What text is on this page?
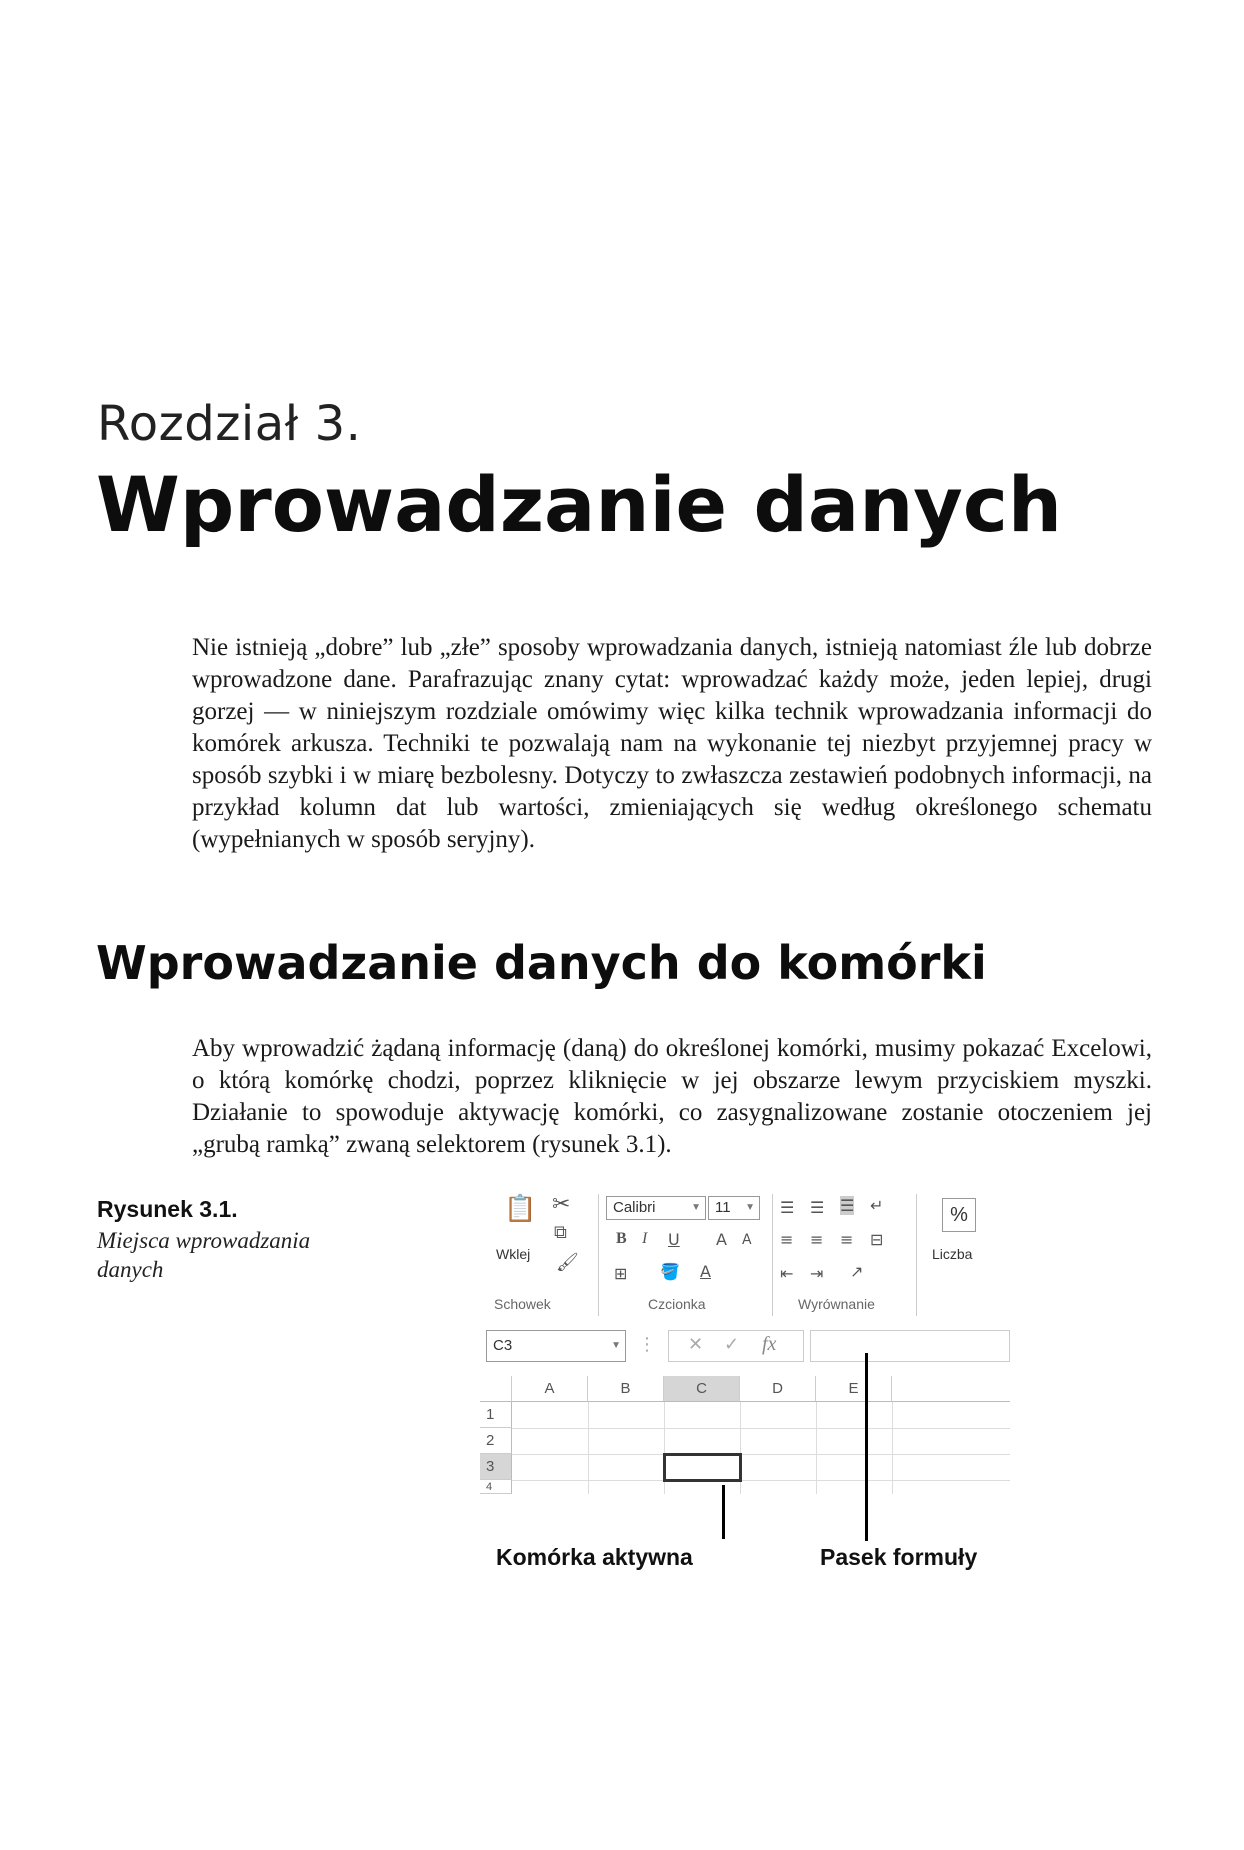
Rozdział 3.
Wprowadzanie danych

Nie istnieją „dobre” lub „złe” sposoby wprowadzania danych, istnieją natomiast źle lub dobrze wprowadzone dane. Parafrazując znany cytat: wprowadzać każdy może, jeden lepiej, drugi gorzej — w niniejszym rozdziale omówimy więc kilka technik wprowadzania informacji do komórek arkusza. Techniki te pozwalają nam na wykonanie tej niezbyt przyjemnej pracy w sposób szybki i w miarę bezbolesny. Dotyczy to zwłaszcza zestawień podobnych informacji, na przykład kolumn dat lub wartości, zmieniających się według określonego schematu (wypełnianych w sposób seryjny).

Wprowadzanie danych do komórki

Aby wprowadzić żądaną informację (daną) do określonej komórki, musimy pokazać Excelowi, o którą komórkę chodzi, poprzez kliknięcie w jej obszarze lewym przyciskiem myszki. Działanie to spowoduje aktywację komórki, co zasygnalizowane zostanie otoczeniem jej „grubą ramką” zwaną selektorem (rysunek 3.1).

Rysunek 3.1.
Miejsca wprowadzania danych
📋 ✂
⧉
🖌
Wklej
Schowek
Calibri	▼ 11 ▼
B I U A A
⊞ 🪣 A
Czcionka
☰ ☰ ☰ ↵
≡ ≡ ≡ ⊟
⇤ ⇥ ↗
Wyrównanie
%
Liczba
C3	▼ ⋮ ✕ ✓ fx
A	B	C	D	E
1
2
3
4
Komórka aktywna	Pasek formuły
